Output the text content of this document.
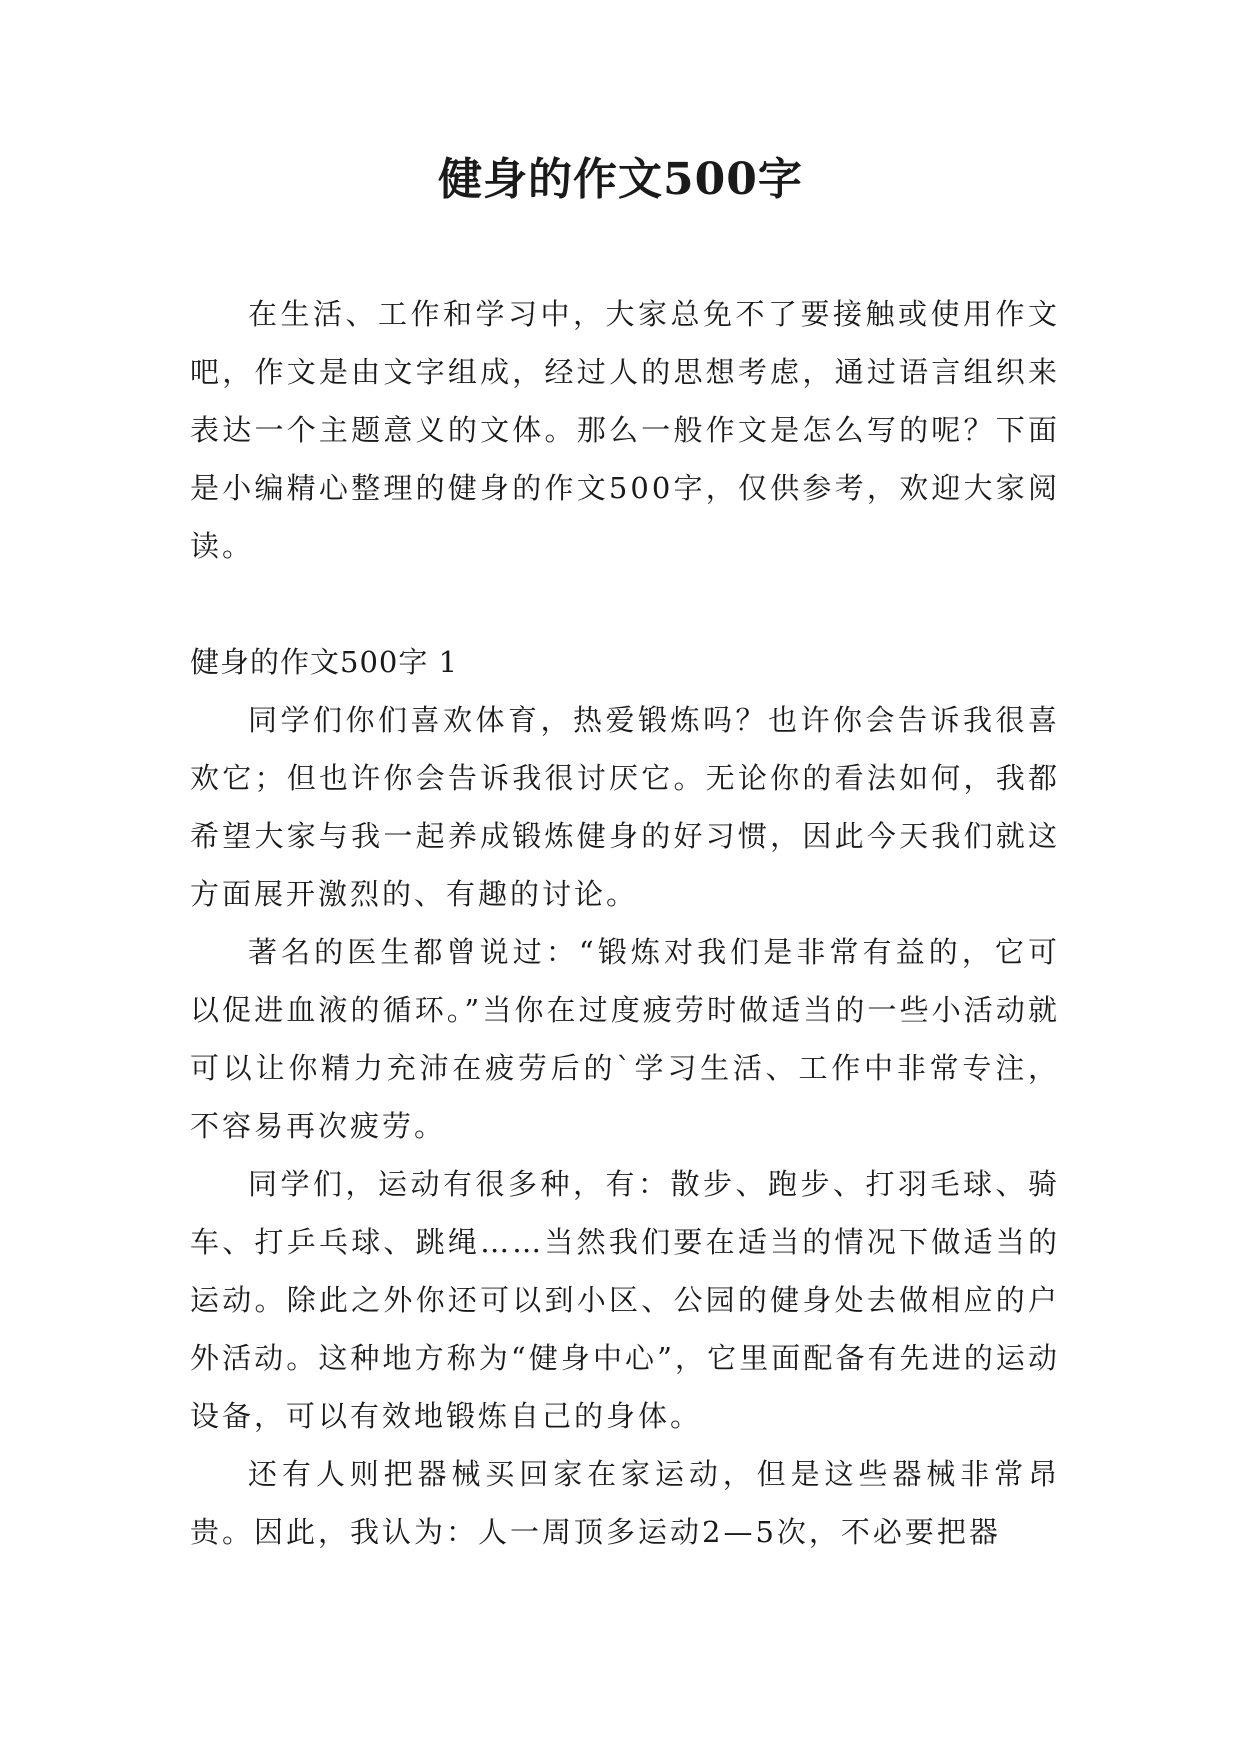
健身的作文500字

在生活、工作和学习中，大家总免不了要接触或使用作文吧，作文是由文字组成，经过人的思想考虑，通过语言组织来表达一个主题意义的文体。那么一般作文是怎么写的呢？下面是小编精心整理的健身的作文500字，仅供参考，欢迎大家阅读。

健身的作文500字 1

同学们你们喜欢体育，热爱锻炼吗？也许你会告诉我很喜欢它；但也许你会告诉我很讨厌它。无论你的看法如何，我都希望大家与我一起养成锻炼健身的好习惯，因此今天我们就这方面展开激烈的、有趣的讨论。

著名的医生都曾说过：“锻炼对我们是非常有益的，它可以促进血液的循环。”当你在过度疲劳时做适当的一些小活动就可以让你精力充沛在疲劳后的`学习生活、工作中非常专注，不容易再次疲劳。

同学们，运动有很多种，有：散步、跑步、打羽毛球、骑车、打乒乓球、跳绳……当然我们要在适当的情况下做适当的运动。除此之外你还可以到小区、公园的健身处去做相应的户外活动。这种地方称为“健身中心”，它里面配备有先进的运动设备，可以有效地锻炼自己的身体。

还有人则把器械买回家在家运动，但是这些器械非常昂贵。因此，我认为：人一周顶多运动2—5次，不必要把器
